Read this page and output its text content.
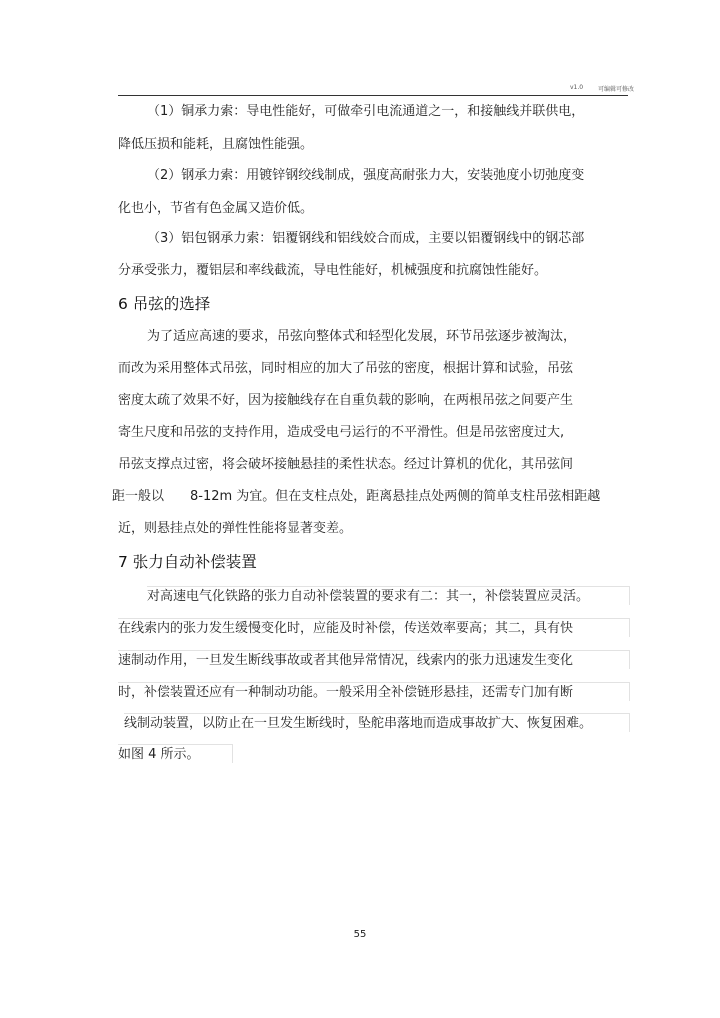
v1.0 可编辑可修改
（1）铜承力索：导电性能好，可做牵引电流通道之一，和接触线并联供电，
降低压损和能耗，且腐蚀性能强。
（2）钢承力索：用镀锌钢绞线制成，强度高耐张力大，安装弛度小切弛度变
化也小，节省有色金属又造价低。
（3）铝包钢承力索：铝覆钢线和铝线姣合而成，主要以铝覆钢线中的钢芯部
分承受张力，覆铝层和率线截流，导电性能好，机械强度和抗腐蚀性能好。
6 吊弦的选择
为了适应高速的要求，吊弦向整体式和轻型化发展，环节吊弦逐步被淘汰，
而改为采用整体式吊弦，同时相应的加大了吊弦的密度，根据计算和试验，吊弦
密度太疏了效果不好，因为接触线存在自重负载的影响，在两根吊弦之间要产生
寄生尺度和吊弦的支持作用，造成受电弓运行的不平滑性。但是吊弦密度过大,
吊弦支撑点过密，将会破坏接触悬挂的柔性状态。经过计算机的优化，其吊弦间
距一般以 8-12m 为宜。但在支柱点处，距离悬挂点处两侧的简单支柱吊弦相距越
近，则悬挂点处的弹性性能将显著变差。
7 张力自动补偿装置
对高速电气化铁路的张力自动补偿装置的要求有二：其一，补偿装置应灵活。
在线索内的张力发生缓慢变化时，应能及时补偿，传送效率要高；其二，具有快
速制动作用，一旦发生断线事故或者其他异常情况，线索内的张力迅速发生变化
时，补偿装置还应有一种制动功能。一般采用全补偿链形悬挂，还需专门加有断
线制动装置，以防止在一旦发生断线时，坠舵串落地而造成事故扩大、恢复困难。
如图 4 所示。
55
